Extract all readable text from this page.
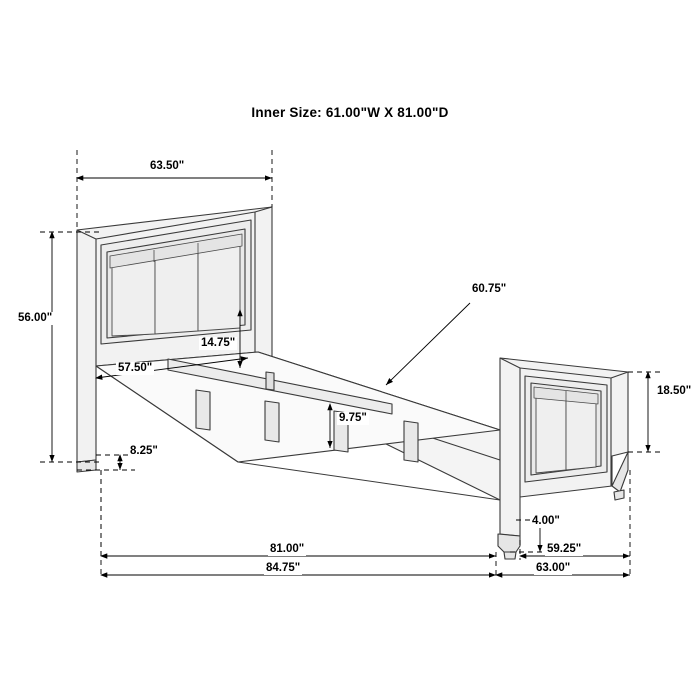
Inner Size: 61.00"W X 81.00"D
63.50"
56.00"
57.50"
14.75"
8.25"
9.75"
60.75"
18.50"
4.00"
81.00"
84.75"
59.25"
63.00"
